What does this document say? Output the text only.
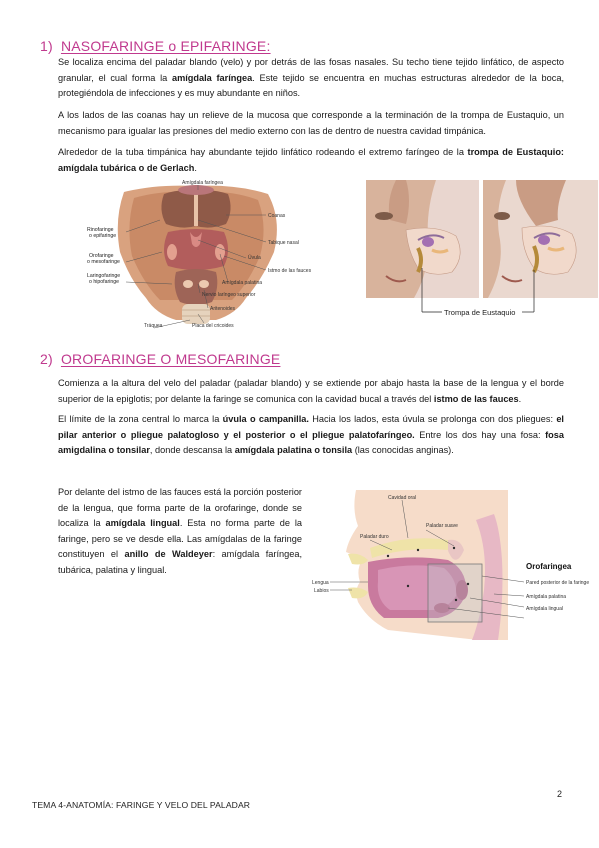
1) NASOFARINGE o EPIFARINGE:

Se localiza encima del paladar blando (velo) y por detrás de las fosas nasales. Su techo tiene tejido linfático, de aspecto granular, el cual forma la amígdala faríngea. Este tejido se encuentra en muchas estructuras alrededor de la boca, protegiéndola de infecciones y es muy abundante en niños.

A los lados de las coanas hay un relieve de la mucosa que corresponde a la terminación de la trompa de Eustaquio, un mecanismo para igualar las presiones del medio externo con las de dentro de nuestra cavidad timpánica.

Alrededor de la tuba timpánica hay abundante tejido linfático rodeando el extremo faríngeo de la trompa de Eustaquio: amígdala tubárica o de Gerlach.

Amígdala faríngea
Coanas
Rinofaringe
o epifaringe
Tabique nasal
Orofaringe
o mesofaringe
Úvula
Istmo de las fauces
Laringofaringe
o hipofaringe	Amígdala palatina
Nervio laríngeo superior
Aritenoides
Tráquea	Placa del cricoides
Trompa de Eustaquio
2) OROFARINGE O MESOFARINGE

Comienza a la altura del velo del paladar (paladar blando) y se extiende por abajo hasta la base de la lengua y el borde superior de la epiglotis; por delante la faringe se comunica con la cavidad bucal a través del istmo de las fauces.

El límite de la zona central lo marca la úvula o campanilla. Hacia los lados, esta úvula se prolonga con dos pliegues: el pilar anterior o pliegue palatogloso y el posterior o el pliegue palatofaríngeo. Entre los dos hay una fosa: fosa amigdalina o tonsilar, donde descansa la amígdala palatina o tonsila (las conocidas anginas).

Por delante del istmo de las fauces está la porción posterior de la lengua, que forma parte de la orofaringe, donde se localiza la amígdala lingual. Esta no forma parte de la faringe, pero se ve desde ella. Las amígdalas de la faringe constituyen el anillo de Waldeyer: amígdala faríngea, tubárica, palatina y lingual.

Cavidad oral
Paladar suave
Paladar duro
Orofaringea
Pared posterior de la faringe
Amígdala palatina
Amígdala lingual
Lengua
Labios
2
TEMA 4-ANATOMÍA: FARINGE Y VELO DEL PALADAR
